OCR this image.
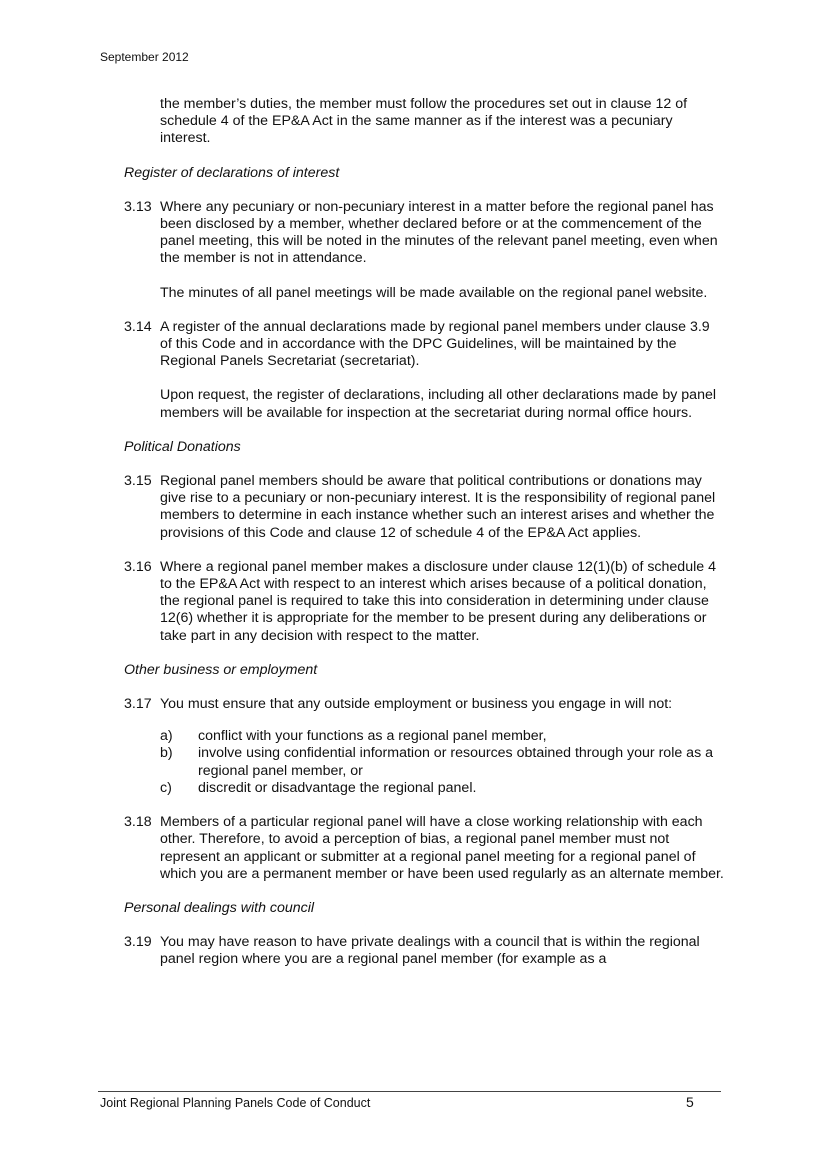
September 2012

the member’s duties, the member must follow the procedures set out in clause 12 of schedule 4 of the EP&A Act in the same manner as if the interest was a pecuniary interest.

Register of declarations of interest

3.13 Where any pecuniary or non-pecuniary interest in a matter before the regional panel has been disclosed by a member, whether declared before or at the commencement of the panel meeting, this will be noted in the minutes of the relevant panel meeting, even when the member is not in attendance.
The minutes of all panel meetings will be made available on the regional panel website.
3.14 A register of the annual declarations made by regional panel members under clause 3.9 of this Code and in accordance with the DPC Guidelines, will be maintained by the Regional Panels Secretariat (secretariat).
Upon request, the register of declarations, including all other declarations made by panel members will be available for inspection at the secretariat during normal office hours.

Political Donations

3.15 Regional panel members should be aware that political contributions or donations may give rise to a pecuniary or non-pecuniary interest. It is the responsibility of regional panel members to determine in each instance whether such an interest arises and whether the provisions of this Code and clause 12 of schedule 4 of the EP&A Act applies.
3.16 Where a regional panel member makes a disclosure under clause 12(1)(b) of schedule 4 to the EP&A Act with respect to an interest which arises because of a political donation, the regional panel is required to take this into consideration in determining under clause 12(6) whether it is appropriate for the member to be present during any deliberations or take part in any decision with respect to the matter.

Other business or employment

3.17 You must ensure that any outside employment or business you engage in will not:
a)	conflict with your functions as a regional panel member,
b)	involve using confidential information or resources obtained through your role as a regional panel member, or
c)	discredit or disadvantage the regional panel.
3.18 Members of a particular regional panel will have a close working relationship with each other. Therefore, to avoid a perception of bias, a regional panel member must not represent an applicant or submitter at a regional panel meeting for a regional panel of which you are a permanent member or have been used regularly as an alternate member.

Personal dealings with council

3.19 You may have reason to have private dealings with a council that is within the regional panel region where you are a regional panel member (for example as a
Joint Regional Planning Panels Code of Conduct	5
